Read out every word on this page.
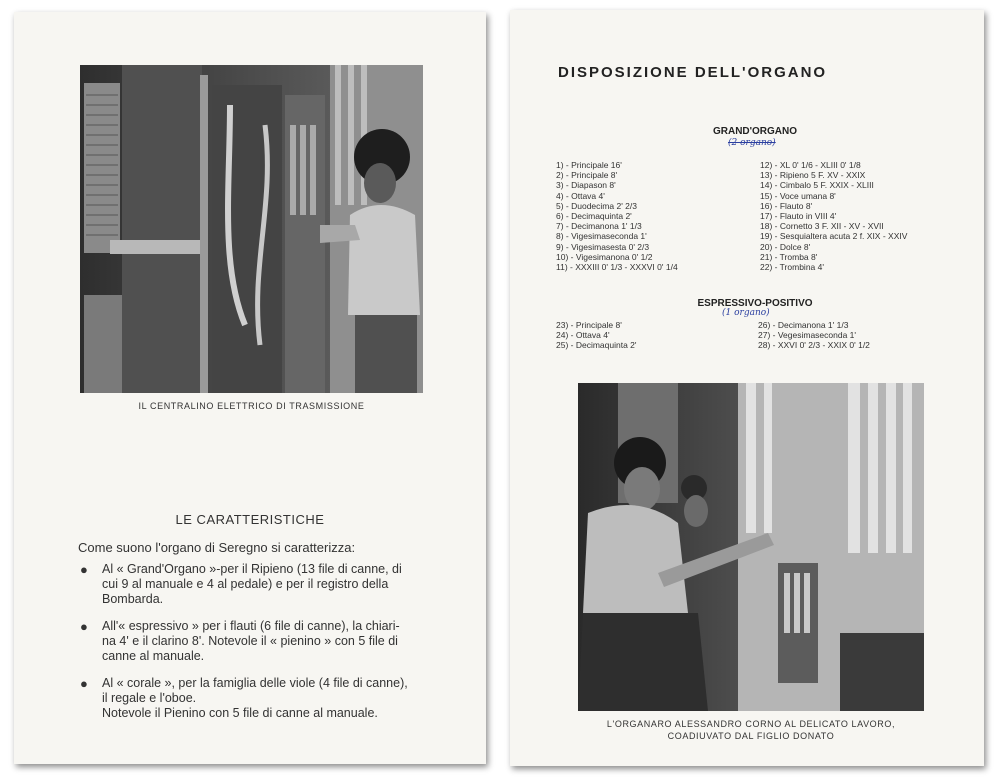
IL CENTRALINO ELETTRICO DI TRASMISSIONE
LE CARATTERISTICHE
Come suono l'organo di Seregno si caratterizza:
● Al « Grand'Organo »-per il Ripieno (13 file di canne, di
cui 9 al manuale e 4 al pedale) e per il registro della
Bombarda.
● All'« espressivo » per i flauti (6 file di canne), la chiari-
na 4' e il clarino 8'. Notevole il « pienino » con 5 file di
canne al manuale.
● Al « corale », per la famiglia delle viole (4 file di canne),
il regale e l'oboe.
Notevole il Pienino con 5 file di canne al manuale.
DISPOSIZIONE DELL'ORGANO
GRAND'ORGANO
(2 organo)
1) - Principale 16'
2) - Principale 8'
3) - Diapason 8'
4) - Ottava 4'
5) - Duodecima 2' 2/3
6) - Decimaquinta 2'
7) - Decimanona 1' 1/3
8) - Vigesimaseconda 1'
9) - Vigesimasesta 0' 2/3
10) - Vigesimanona 0' 1/2
11) - XXXIII 0' 1/3 - XXXVI 0' 1/4
12) - XL 0' 1/6 - XLIII 0' 1/8
13) - Ripieno 5 F. XV - XXIX
14) - Cimbalo 5 F. XXIX - XLIII
15) - Voce umana 8'
16) - Flauto 8'
17) - Flauto in VIII 4'
18) - Cornetto 3 F. XII - XV - XVII
19) - Sesquialtera acuta 2 f. XIX - XXIV
20) - Dolce 8'
21) - Tromba 8'
22) - Trombina 4'
ESPRESSIVO-POSITIVO
(1 organo)
23) - Principale 8'
24) - Ottava 4'
25) - Decimaquinta 2'
26) - Decimanona 1' 1/3
27) - Vegesimaseconda 1'
28) - XXVI 0' 2/3 - XXIX 0' 1/2
L'ORGANARO ALESSANDRO CORNO AL DELICATO LAVORO,
COADIUVATO DAL FIGLIO DONATO
